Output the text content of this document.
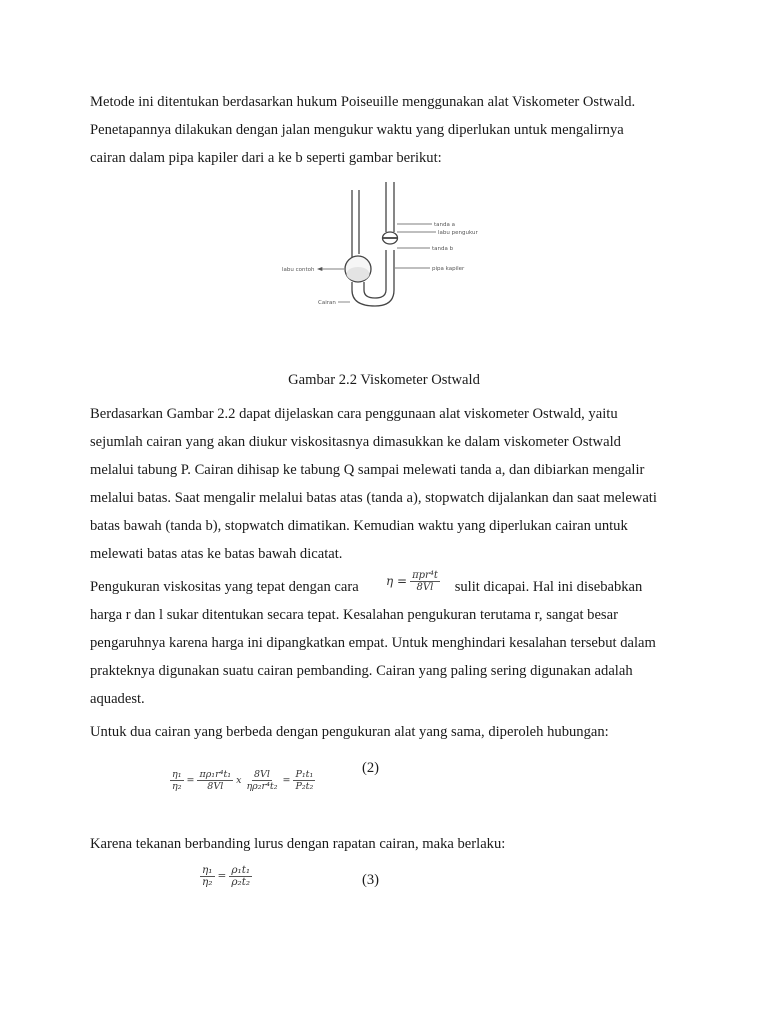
Metode ini ditentukan berdasarkan hukum Poiseuille menggunakan alat Viskometer Ostwald.
Penetapannya dilakukan dengan jalan mengukur waktu yang diperlukan untuk mengalirnya
cairan dalam pipa kapiler dari a ke b seperti gambar berikut:

tanda a
labu pengukur
tanda b
pipa kapiler
labu contoh
Cairan
Gambar 2.2 Viskometer Ostwald

Berdasarkan Gambar 2.2 dapat dijelaskan cara penggunaan alat viskometer Ostwald, yaitu
sejumlah cairan yang akan diukur viskositasnya dimasukkan ke dalam viskometer Ostwald
melalui tabung P. Cairan dihisap ke tabung Q sampai melewati tanda a, dan dibiarkan mengalir
melalui batas. Saat mengalir melalui batas atas (tanda a), stopwatch dijalankan dan saat melewati
batas bawah (tanda b), stopwatch dimatikan. Kemudian waktu yang diperlukan cairan untuk
melewati batas atas ke batas bawah dicatat.

Pengukuran viskositas yang tepat dengan cara	sulit dicapai. Hal ini disebabkan
harga r dan l sukar ditentukan secara tepat. Kesalahan pengukuran terutama r, sangat besar
pengaruhnya karena harga ini dipangkatkan empat. Untuk menghindari kesalahan tersebut dalam
prakteknya digunakan suatu cairan pembanding. Cairan yang paling sering digunakan adalah
aquadest.

$\eta = \frac{\text{πpr⁴t}}{8Vl}$

Untuk dua cairan yang berbeda dengan pengukuran alat yang sama, diperoleh hubungan:

$\frac{\text{η₁}}{\text{η₂}} = \frac{\text{πρ₁r⁴t₁}}{8Vl}$ x $\frac{8Vl}{\text{ηρ₂r⁴t₂}} = \frac{\text{P₁t₁}}{\text{P₂t₂}}$
(2)

Karena tekanan berbanding lurus dengan rapatan cairan, maka berlaku:

$\frac{\text{η₁}}{\text{η₂}} = \frac{\text{ρ₁t₁}}{\text{ρ₂t₂}}$	(3)
